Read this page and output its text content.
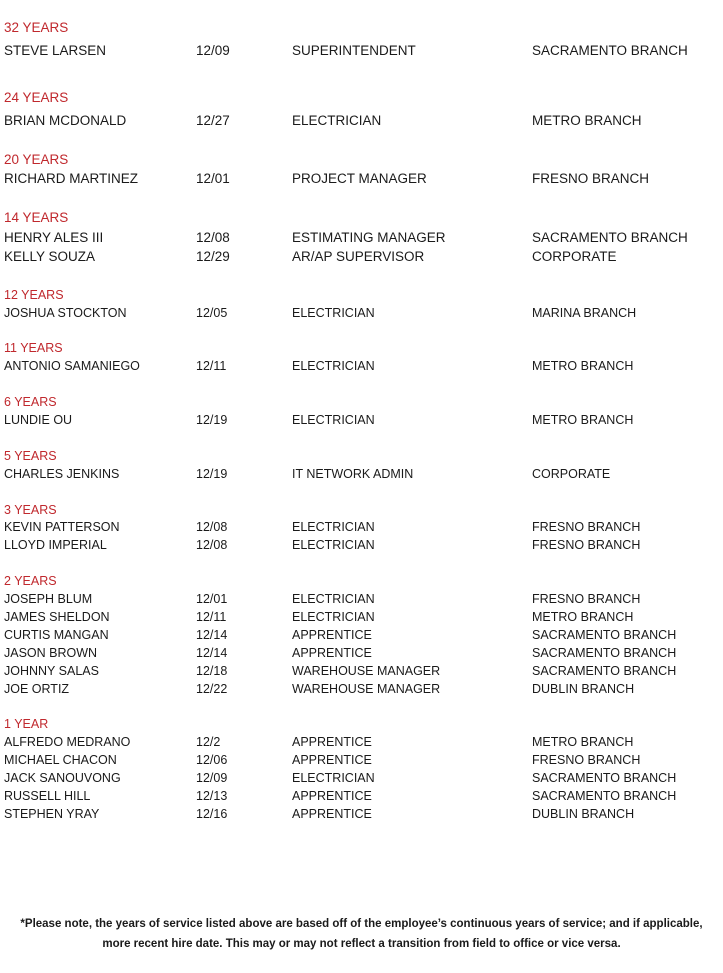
32 YEARS
STEVE LARSEN	12/09	SUPERINTENDENT	SACRAMENTO BRANCH
24 YEARS
BRIAN MCDONALD	12/27	ELECTRICIAN	METRO BRANCH
20 YEARS
RICHARD MARTINEZ	12/01	PROJECT MANAGER	FRESNO BRANCH
14 YEARS
HENRY ALES III	12/08	ESTIMATING MANAGER	SACRAMENTO BRANCH
KELLY SOUZA	12/29	AR/AP SUPERVISOR	CORPORATE
12 YEARS
JOSHUA STOCKTON	12/05	ELECTRICIAN	MARINA BRANCH
11 YEARS
ANTONIO SAMANIEGO	12/11	ELECTRICIAN	METRO BRANCH
6 YEARS
LUNDIE OU	12/19	ELECTRICIAN	METRO BRANCH
5 YEARS
CHARLES JENKINS	12/19	IT NETWORK ADMIN	CORPORATE
3 YEARS
KEVIN PATTERSON	12/08	ELECTRICIAN	FRESNO BRANCH
LLOYD IMPERIAL	12/08	ELECTRICIAN	FRESNO BRANCH
2 YEARS
JOSEPH BLUM	12/01	ELECTRICIAN	FRESNO BRANCH
JAMES SHELDON	12/11	ELECTRICIAN	METRO BRANCH
CURTIS MANGAN	12/14	APPRENTICE	SACRAMENTO BRANCH
JASON BROWN	12/14	APPRENTICE	SACRAMENTO BRANCH
JOHNNY SALAS	12/18	WAREHOUSE MANAGER	SACRAMENTO BRANCH
JOE ORTIZ	12/22	WAREHOUSE MANAGER	DUBLIN BRANCH
1 YEAR
ALFREDO MEDRANO	12/2	APPRENTICE	METRO BRANCH
MICHAEL CHACON	12/06	APPRENTICE	FRESNO BRANCH
JACK SANOUVONG	12/09	ELECTRICIAN	SACRAMENTO BRANCH
RUSSELL HILL	12/13	APPRENTICE	SACRAMENTO BRANCH
STEPHEN YRAY	12/16	APPRENTICE	DUBLIN BRANCH
*Please note, the years of service listed above are based off of the employee’s continuous years of service; and if applicable,
more recent hire date. This may or may not reflect a transition from field to office or vice versa.
